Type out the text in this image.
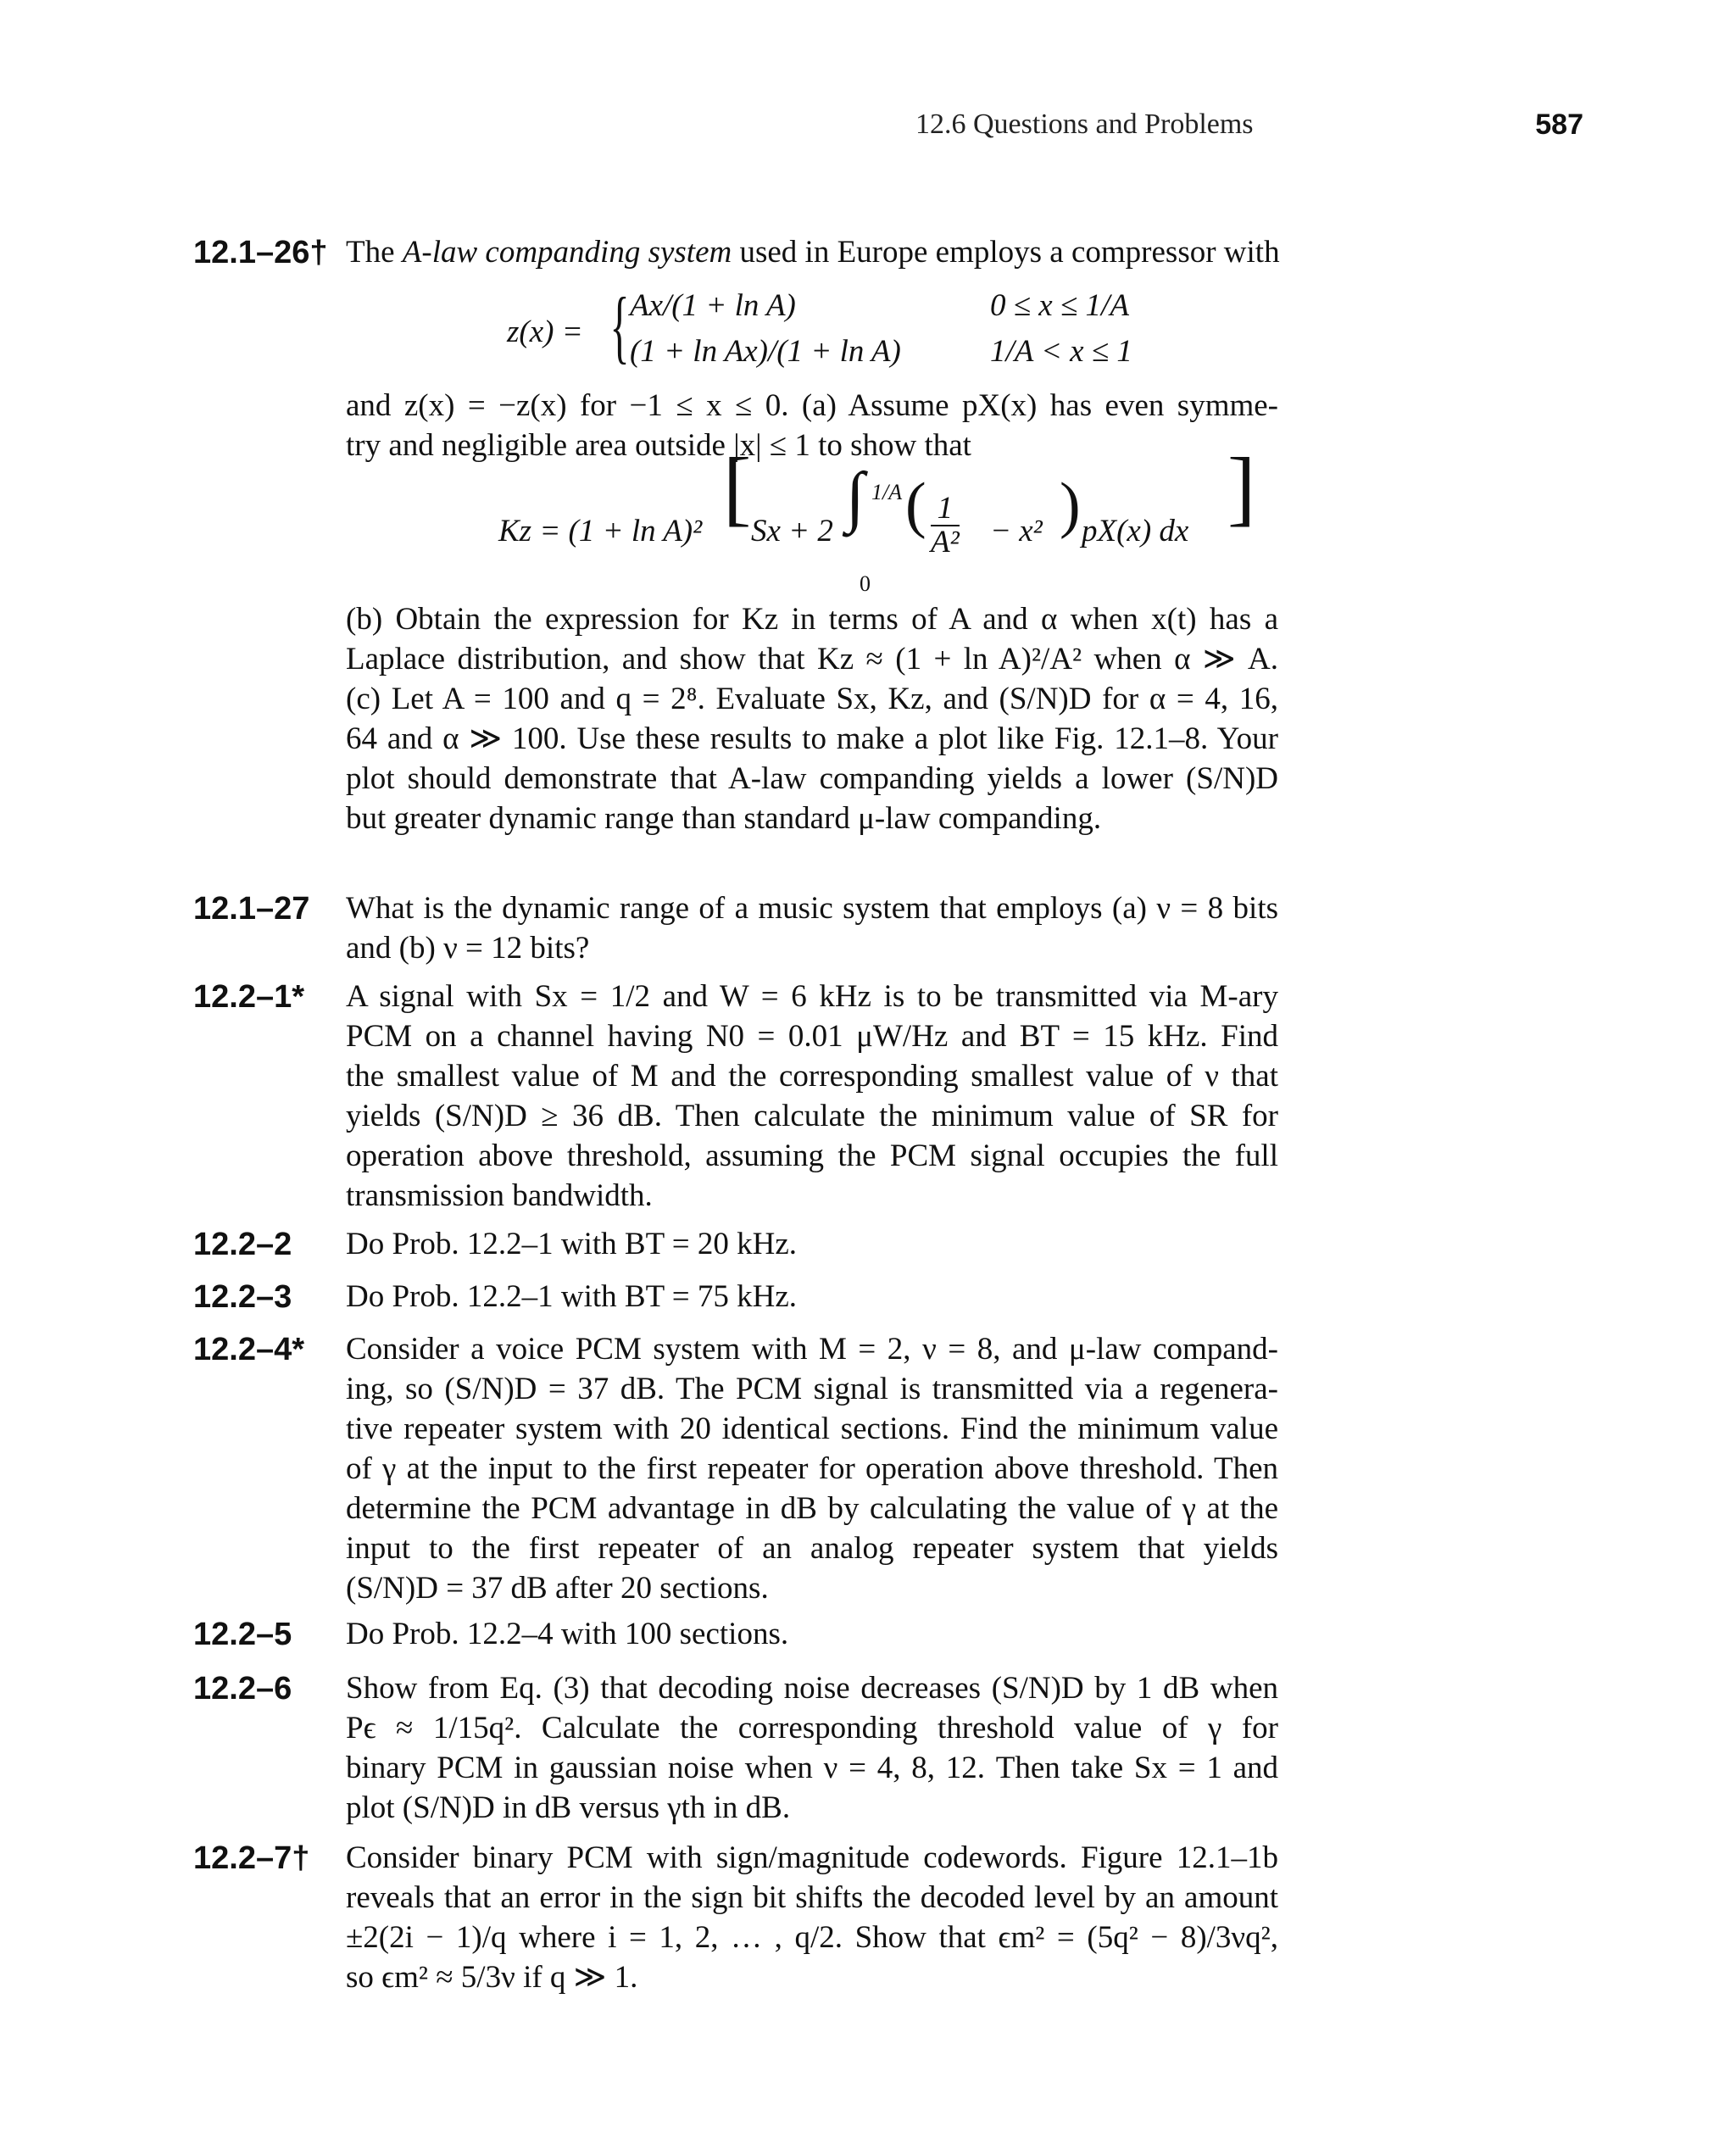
12.6 Questions and Problems	587
12.1–26† The A-law companding system used in Europe employs a compressor with
z(x) = { Ax/(1 + ln A)	0 ≤ x ≤ 1/A
(1 + ln Ax)/(1 + ln A)	1/A < x ≤ 1
and z(x) = −z(x) for −1 ≤ x ≤ 0. (a) Assume pX(x) has even symme-
try and negligible area outside |x| ≤ 1 to show that
Kz = (1 + ln A)² [ Sx + 2 ∫ 1/A
0
( $\frac{1}{\text{A²}} - x^2$ ) pX(x) dx ]
(b) Obtain the expression for Kz in terms of A and α when x(t) has a
Laplace distribution, and show that Kz ≈ (1 + ln A)²/A² when α ≫ A.
(c) Let A = 100 and q = 2⁸. Evaluate Sx, Kz, and (S/N)D for α = 4, 16,
64 and α ≫ 100. Use these results to make a plot like Fig. 12.1–8. Your
plot should demonstrate that A-law companding yields a lower (S/N)D
but greater dynamic range than standard μ-law companding.
12.1–27 What is the dynamic range of a music system that employs (a) ν = 8 bits
and (b) ν = 12 bits?
12.2–1* A signal with Sx = 1/2 and W = 6 kHz is to be transmitted via M-ary
PCM on a channel having N0 = 0.01 μW/Hz and BT = 15 kHz. Find
the smallest value of M and the corresponding smallest value of ν that
yields (S/N)D ≥ 36 dB. Then calculate the minimum value of SR for
operation above threshold, assuming the PCM signal occupies the full
transmission bandwidth.
12.2–2 Do Prob. 12.2–1 with BT = 20 kHz.
12.2–3 Do Prob. 12.2–1 with BT = 75 kHz.
12.2–4* Consider a voice PCM system with M = 2, ν = 8, and μ-law compand-
ing, so (S/N)D = 37 dB. The PCM signal is transmitted via a regenera-
tive repeater system with 20 identical sections. Find the minimum value
of γ at the input to the first repeater for operation above threshold. Then
determine the PCM advantage in dB by calculating the value of γ at the
input to the first repeater of an analog repeater system that yields
(S/N)D = 37 dB after 20 sections.
12.2–5 Do Prob. 12.2–4 with 100 sections.
12.2–6 Show from Eq. (3) that decoding noise decreases (S/N)D by 1 dB when
Pϵ ≈ 1/15q². Calculate the corresponding threshold value of γ for
binary PCM in gaussian noise when ν = 4, 8, 12. Then take Sx = 1 and
plot (S/N)D in dB versus γth in dB.
12.2–7† Consider binary PCM with sign/magnitude codewords. Figure 12.1–1b
reveals that an error in the sign bit shifts the decoded level by an amount
±2(2i − 1)/q where i = 1, 2, … , q/2. Show that ϵm² = (5q² − 8)/3νq²,
so ϵm² ≈ 5/3ν if q ≫ 1.
